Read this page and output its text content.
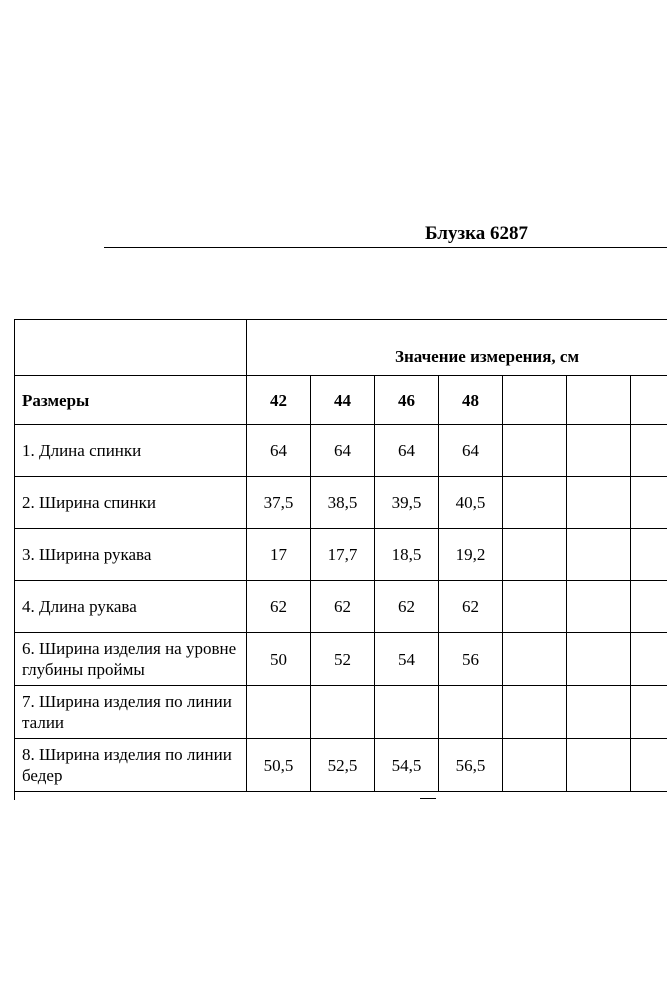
Блузка 6287
	Значение измерения, см						
Размеры	42	44	46	48			
1. Длина спинки	64	64	64	64			
2. Ширина спинки	37,5	38,5	39,5	40,5			
3. Ширина рукава	17	17,7	18,5	19,2			
4. Длина рукава	62	62	62	62			
6. Ширина изделия на уровне глубины проймы	50	52	54	56			
7. Ширина изделия по линии талии							
8. Ширина изделия по линии бедер	50,5	52,5	54,5	56,5			
